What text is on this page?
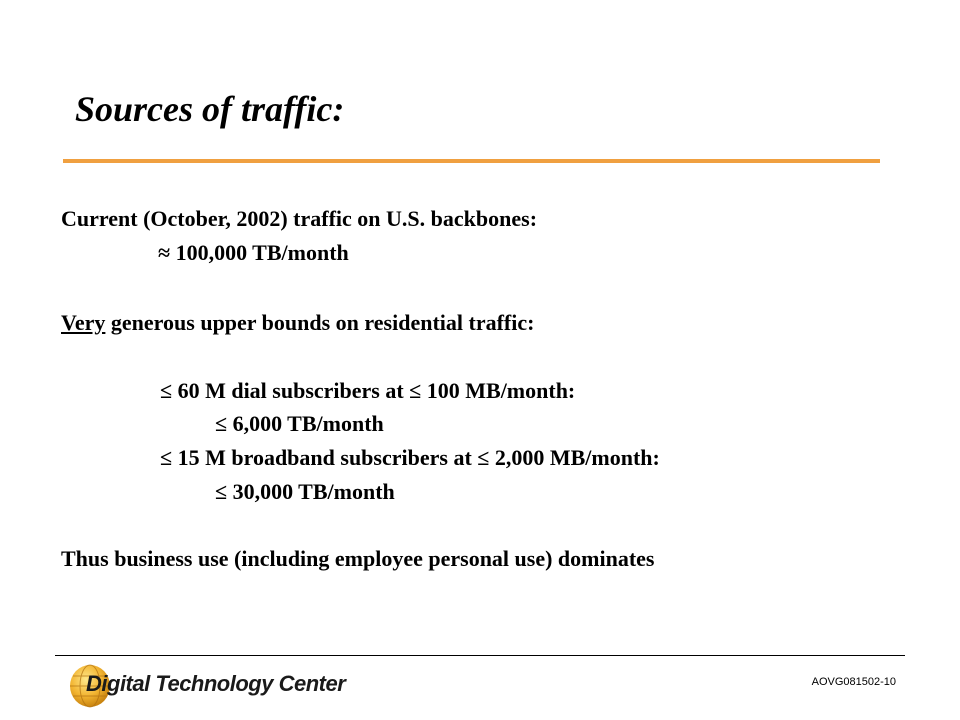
Sources of traffic:
Current (October, 2002) traffic on U.S. backbones:
≈ 100,000 TB/month
Very generous upper bounds on residential traffic:
≤ 60 M dial subscribers at ≤ 100 MB/month:
≤ 6,000 TB/month
≤ 15 M broadband subscribers at ≤ 2,000 MB/month:
≤ 30,000 TB/month
Thus business use (including employee personal use) dominates
Digital Technology Center	AOVG081502-10
